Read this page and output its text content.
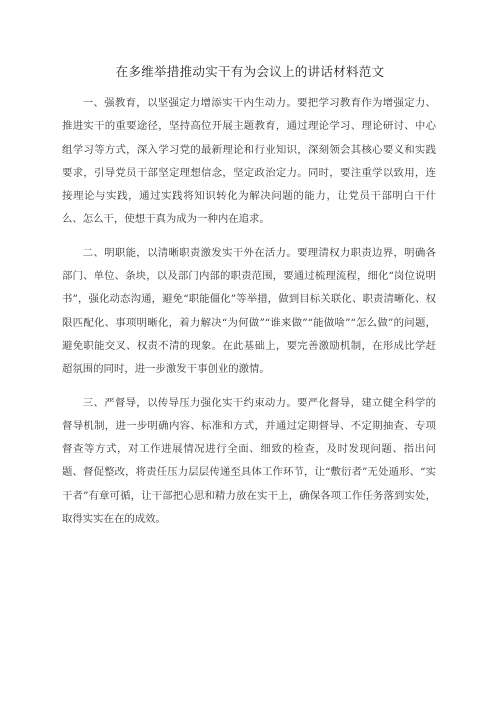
在多维举措推动实干有为会议上的讲话材料范文

一、强教育，以坚强定力增添实干内生动力。要把学习教育作为增强定力、推进实干的重要途径，坚持高位开展主题教育，通过理论学习、理论研讨、中心组学习等方式，深入学习党的最新理论和行业知识，深刻领会其核心要义和实践要求，引导党员干部坚定理想信念，坚定政治定力。同时，要注重学以致用，连接理论与实践，通过实践将知识转化为解决问题的能力，让党员干部明白干什么、怎么干，使想干真为成为一种内在追求。

二、明职能，以清晰职责激发实干外在活力。要理清权力职责边界，明确各部门、单位、条块，以及部门内部的职责范围，要通过梳理流程，细化“岗位说明书”，强化动态沟通，避免“职能僵化”等举措，做到目标关联化、职责清晰化、权限匹配化、事项明晰化，着力解决“为何做”“谁来做”“能做啥”“怎么做”的问题，避免职能交叉、权责不清的现象。在此基础上，要完善激励机制，在形成比学赶超氛围的同时，进一步激发干事创业的激情。

三、严督导，以传导压力强化实干约束动力。要严化督导，建立健全科学的督导机制，进一步明确内容、标准和方式，并通过定期督导、不定期抽查、专项督查等方式，对工作进展情况进行全面、细致的检查，及时发现问题、指出问题、督促整改，将责任压力层层传递至具体工作环节，让“敷衍者”无处遁形、“实干者”有章可循，让干部把心思和精力放在实干上，确保各项工作任务落到实处，取得实实在在的成效。
